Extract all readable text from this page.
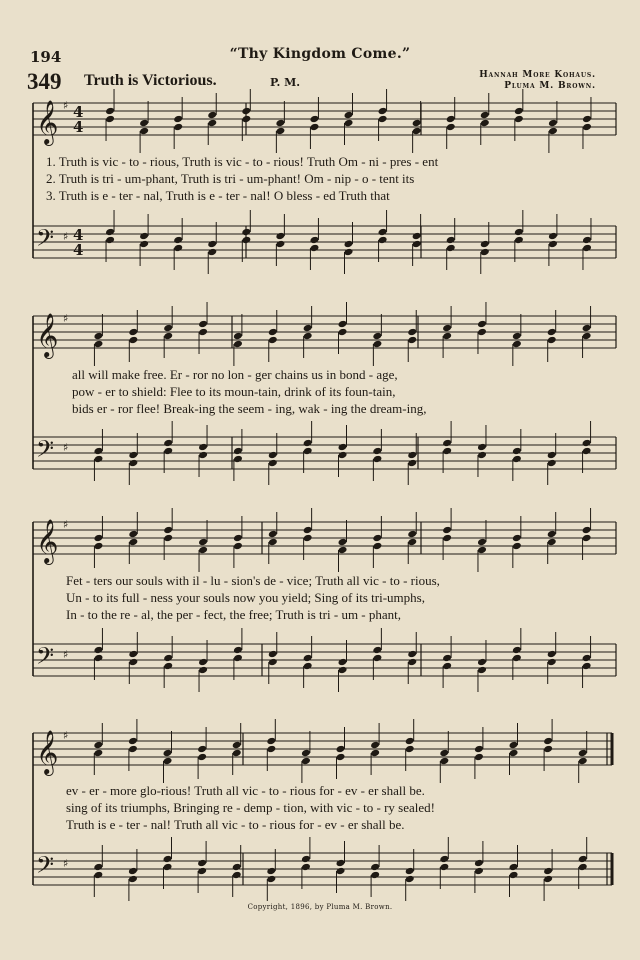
194	“Thy Kingdom Come.”
349 Truth is Victorious.	P. M.
Hannah More Kohaus.
Pluma M. Brown.
𝄞 ♯ 4
4
𝄢 ♯ 4
4
𝄞 ♯
𝄢 ♯
𝄞 ♯
𝄢 ♯
𝄞 ♯
𝄢 ♯
1. Truth is vic - to - rious, Truth is vic - to - rious! Truth Om - ni - pres - ent
2. Truth is tri - um-phant, Truth is tri - um-phant! Om - nip - o - tent its
3. Truth is e - ter - nal, Truth is e - ter - nal! O bless - ed Truth that
all will make free. Er - ror no lon - ger chains us in bond - age,
pow - er to shield: Flee to its moun-tain, drink of its foun-tain,
bids er - ror flee! Break-ing the seem - ing, wak - ing the dream-ing,
Fet - ters our souls with il - lu - sion's de - vice; Truth all vic - to - rious,
Un - to its full - ness your souls now you yield; Sing of its tri-umphs,
In - to the re - al, the per - fect, the free; Truth is tri - um - phant,
ev - er - more glo-rious! Truth all vic - to - rious for - ev - er shall be.
sing of its triumphs, Bringing re - demp - tion, with vic - to - ry sealed!
Truth is e - ter - nal! Truth all vic - to - rious for - ev - er shall be.
Copyright, 1896, by Pluma M. Brown.
